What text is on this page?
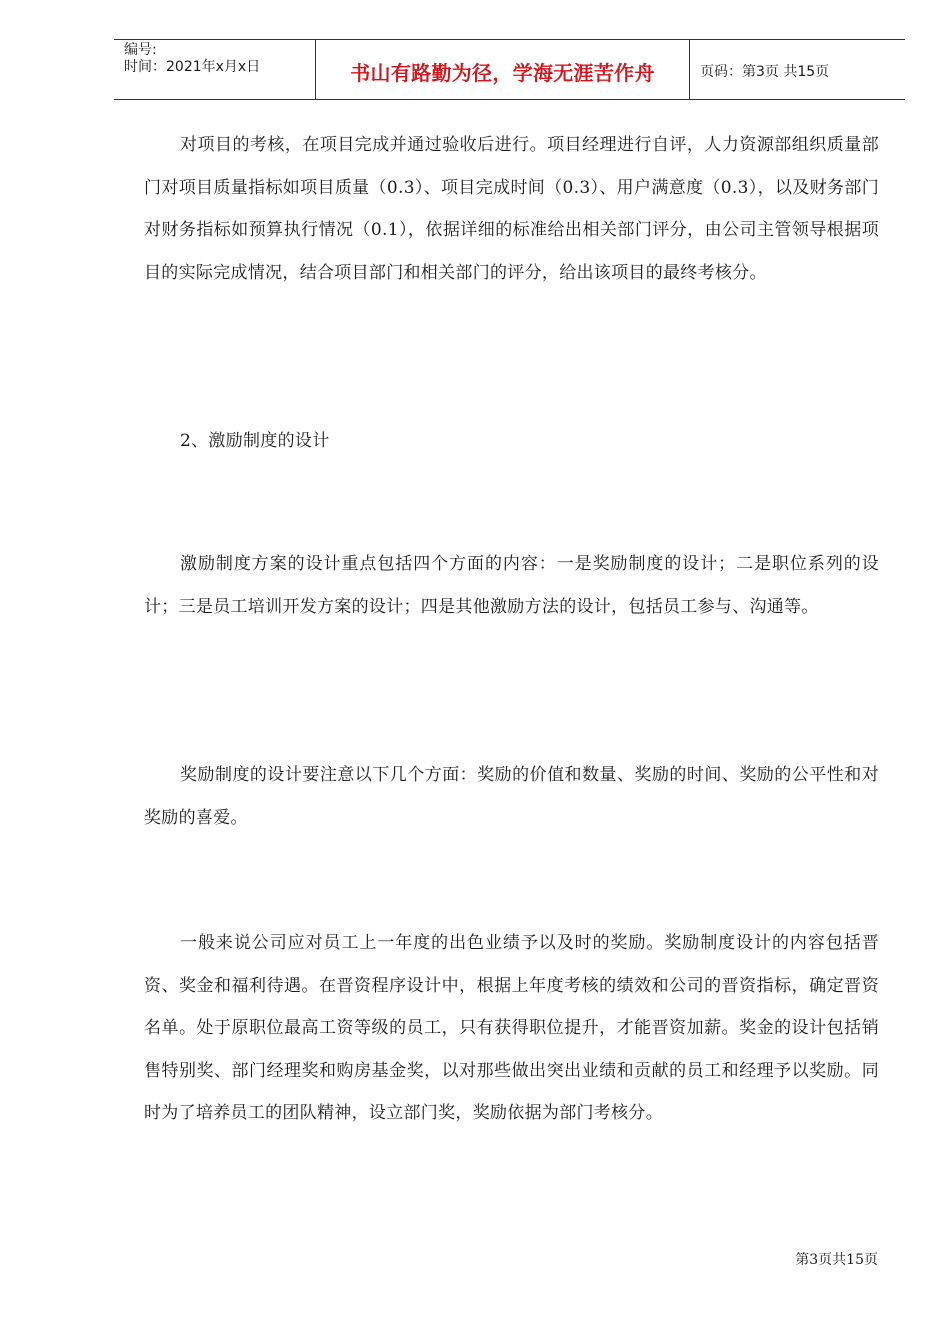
编号:
时间：2021年x月x日	书山有路勤为径，学海无涯苦作舟	页码：第3页 共15页

对项目的考核，在项目完成并通过验收后进行。项目经理进行自评，人力资源部组织质量部门对项目质量指标如项目质量（0.3）、项目完成时间（0.3）、用户满意度（0.3），以及财务部门对财务指标如预算执行情况（0.1），依据详细的标准给出相关部门评分，由公司主管领导根据项目的实际完成情况，结合项目部门和相关部门的评分，给出该项目的最终考核分。

2、激励制度的设计

激励制度方案的设计重点包括四个方面的内容：一是奖励制度的设计；二是职位系列的设计；三是员工培训开发方案的设计；四是其他激励方法的设计，包括员工参与、沟通等。

奖励制度的设计要注意以下几个方面：奖励的价值和数量、奖励的时间、奖励的公平性和对奖励的喜爱。

一般来说公司应对员工上一年度的出色业绩予以及时的奖励。奖励制度设计的内容包括晋资、奖金和福利待遇。在晋资程序设计中，根据上年度考核的绩效和公司的晋资指标，确定晋资名单。处于原职位最高工资等级的员工，只有获得职位提升，才能晋资加薪。奖金的设计包括销售特别奖、部门经理奖和购房基金奖，以对那些做出突出业绩和贡献的员工和经理予以奖励。同时为了培养员工的团队精神，设立部门奖，奖励依据为部门考核分。

第3页共15页
